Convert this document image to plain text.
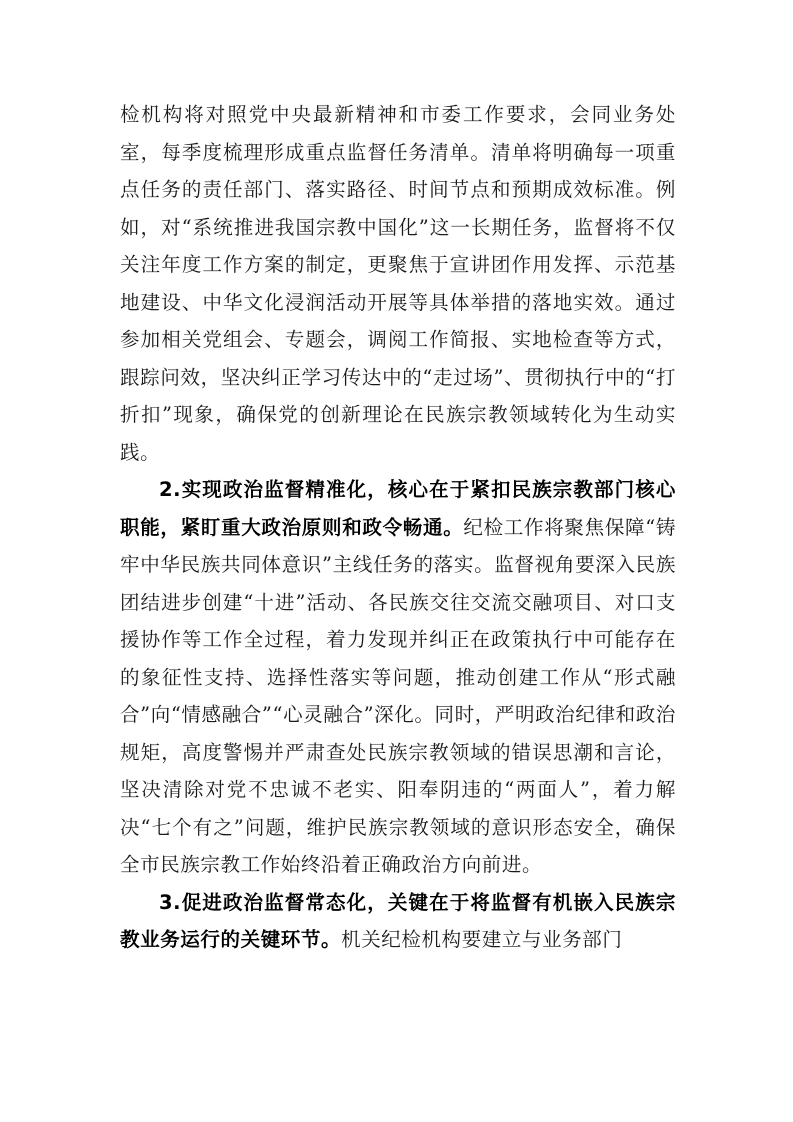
检机构将对照党中央最新精神和市委工作要求，会同业务处室，每季度梳理形成重点监督任务清单。清单将明确每一项重点任务的责任部门、落实路径、时间节点和预期成效标准。例如，对“系统推进我国宗教中国化”这一长期任务，监督将不仅关注年度工作方案的制定，更聚焦于宣讲团作用发挥、示范基地建设、中华文化浸润活动开展等具体举措的落地实效。通过参加相关党组会、专题会，调阅工作简报、实地检查等方式，跟踪问效，坚决纠正学习传达中的“走过场”、贯彻执行中的“打折扣”现象，确保党的创新理论在民族宗教领域转化为生动实践。

2.实现政治监督精准化，核心在于紧扣民族宗教部门核心职能，紧盯重大政治原则和政令畅通。纪检工作将聚焦保障“铸牢中华民族共同体意识”主线任务的落实。监督视角要深入民族团结进步创建“十进”活动、各民族交往交流交融项目、对口支援协作等工作全过程，着力发现并纠正在政策执行中可能存在的象征性支持、选择性落实等问题，推动创建工作从“形式融合”向“情感融合”“心灵融合”深化。同时，严明政治纪律和政治规矩，高度警惕并严肃查处民族宗教领域的错误思潮和言论，坚决清除对党不忠诚不老实、阳奉阴违的“两面人”，着力解决“七个有之”问题，维护民族宗教领域的意识形态安全，确保全市民族宗教工作始终沿着正确政治方向前进。

3.促进政治监督常态化，关键在于将监督有机嵌入民族宗教业务运行的关键环节。机关纪检机构要建立与业务部门
